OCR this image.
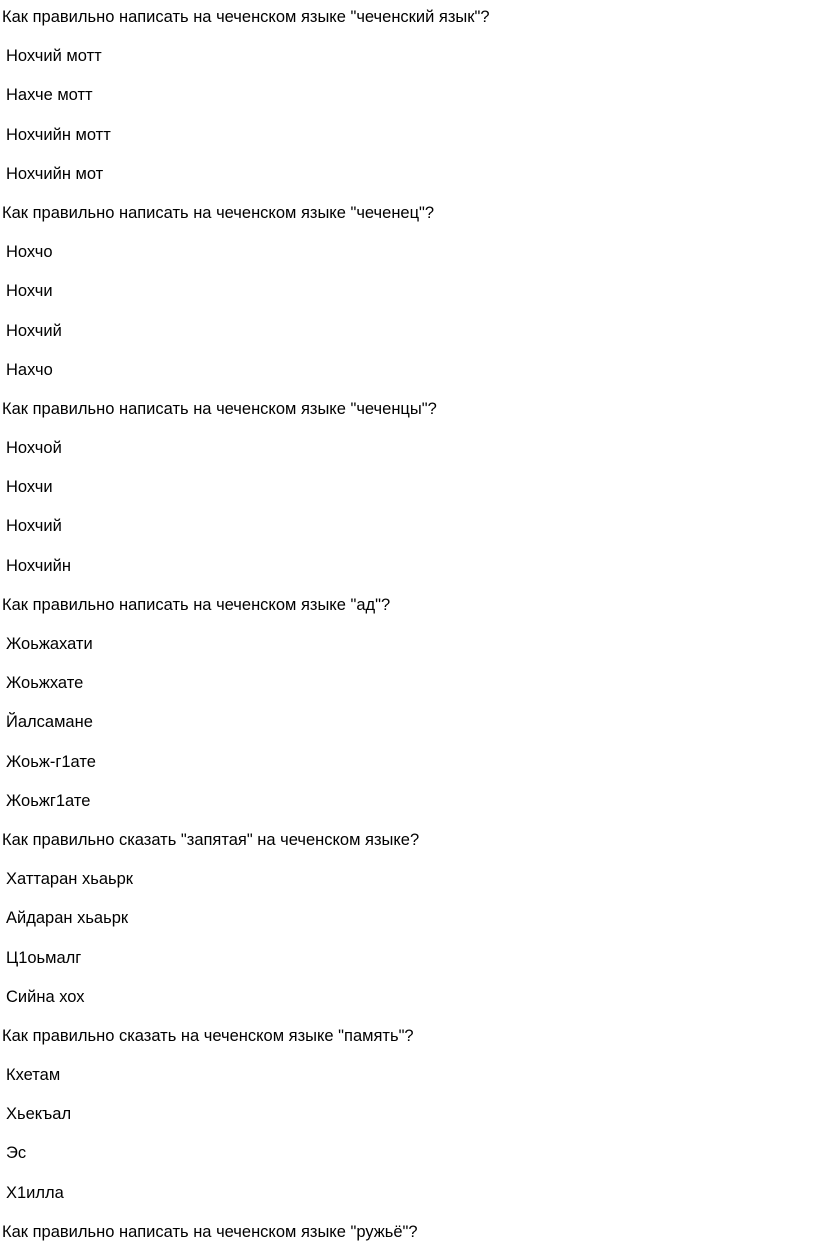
Как правильно написать на чеченском языке "чеченский язык"?
Нохчий мотт
Нахче мотт
Нохчийн мотт
Нохчийн мот
Как правильно написать на чеченском языке "чеченец"?
Нохчо
Нохчи
Нохчий
Нахчо
Как правильно написать на чеченском языке "чеченцы"?
Нохчой
Нохчи
Нохчий
Нохчийн
Как правильно написать на чеченском языке "ад"?
Жоьжахати
Жоьжхате
Йалсамане
Жоьж-г1ате
Жоьжг1ате
Как правильно сказать "запятая" на чеченском языке?
Хаттаран хьаьрк
Айдаран хьаьрк
Ц1оьмалг
Сийна хох
Как правильно сказать на чеченском языке "память"?
Кхетам
Хьекъал
Эс
Х1илла
Как правильно написать на чеченском языке "ружьё"?
